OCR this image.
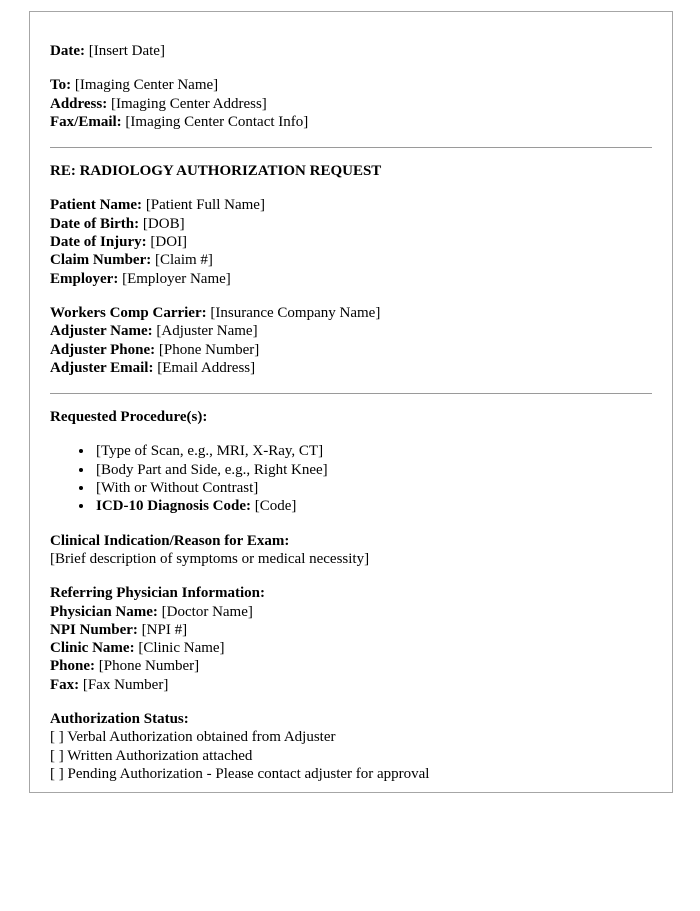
Date: [Insert Date]

To: [Imaging Center Name]

Address: [Imaging Center Address]

Fax/Email: [Imaging Center Contact Info]

RE: RADIOLOGY AUTHORIZATION REQUEST

Patient Name: [Patient Full Name]

Date of Birth: [DOB]

Date of Injury: [DOI]

Claim Number: [Claim #]

Employer: [Employer Name]

Workers Comp Carrier: [Insurance Company Name]

Adjuster Name: [Adjuster Name]

Adjuster Phone: [Phone Number]

Adjuster Email: [Email Address]

Requested Procedure(s):

• [Type of Scan, e.g., MRI, X-Ray, CT]
• [Body Part and Side, e.g., Right Knee]
• [With or Without Contrast]
• ICD-10 Diagnosis Code: [Code]

Clinical Indication/Reason for Exam:

[Brief description of symptoms or medical necessity]

Referring Physician Information:

Physician Name: [Doctor Name]

NPI Number: [NPI #]

Clinic Name: [Clinic Name]

Phone: [Phone Number]

Fax: [Fax Number]

Authorization Status:

[ ] Verbal Authorization obtained from Adjuster

[ ] Written Authorization attached

[ ] Pending Authorization - Please contact adjuster for approval
